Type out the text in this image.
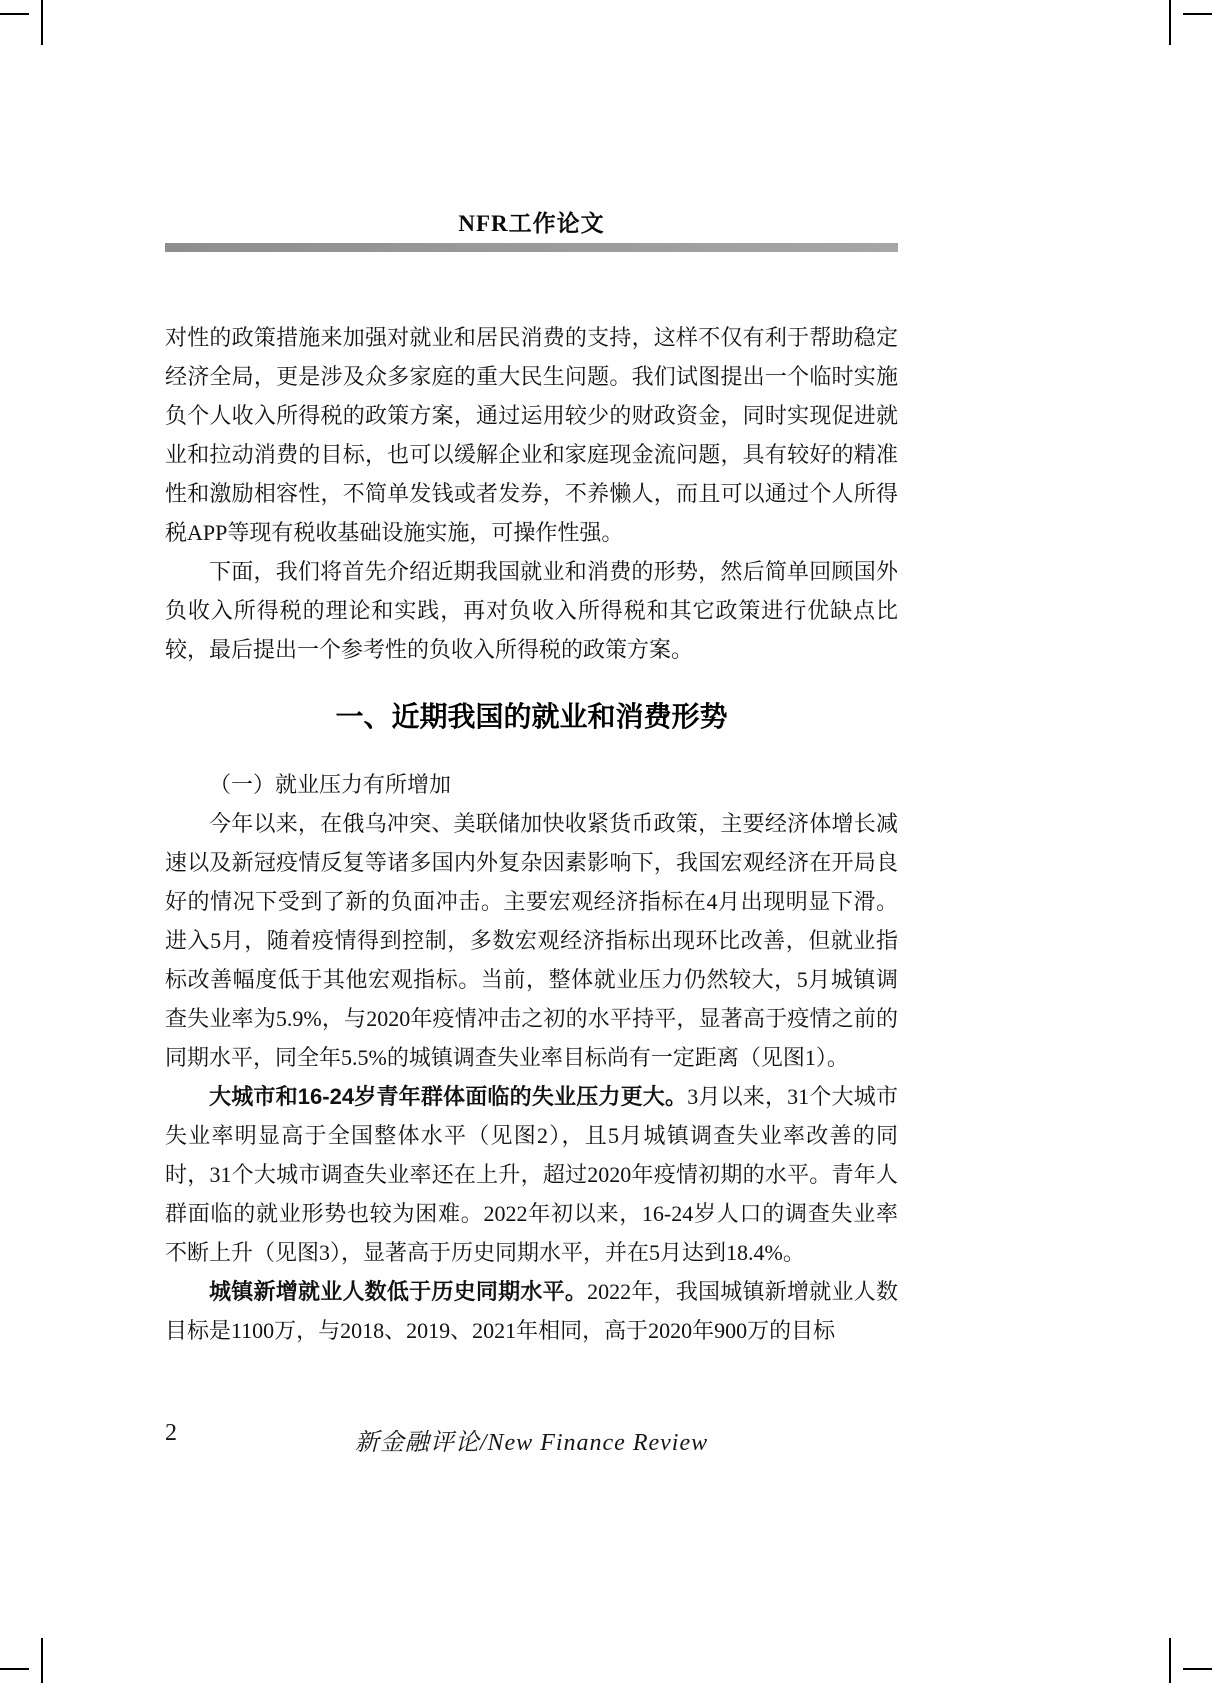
NFR工作论文

对性的政策措施来加强对就业和居民消费的支持，这样不仅有利于帮助稳定经济全局，更是涉及众多家庭的重大民生问题。我们试图提出一个临时实施负个人收入所得税的政策方案，通过运用较少的财政资金，同时实现促进就业和拉动消费的目标，也可以缓解企业和家庭现金流问题，具有较好的精准性和激励相容性，不简单发钱或者发券，不养懒人，而且可以通过个人所得税APP等现有税收基础设施实施，可操作性强。

下面，我们将首先介绍近期我国就业和消费的形势，然后简单回顾国外负收入所得税的理论和实践，再对负收入所得税和其它政策进行优缺点比较，最后提出一个参考性的负收入所得税的政策方案。

一、近期我国的就业和消费形势

（一）就业压力有所增加

今年以来，在俄乌冲突、美联储加快收紧货币政策，主要经济体增长减速以及新冠疫情反复等诸多国内外复杂因素影响下，我国宏观经济在开局良好的情况下受到了新的负面冲击。主要宏观经济指标在4月出现明显下滑。进入5月，随着疫情得到控制，多数宏观经济指标出现环比改善，但就业指标改善幅度低于其他宏观指标。当前，整体就业压力仍然较大，5月城镇调查失业率为5.9%，与2020年疫情冲击之初的水平持平，显著高于疫情之前的同期水平，同全年5.5%的城镇调查失业率目标尚有一定距离（见图1）。

大城市和16-24岁青年群体面临的失业压力更大。3月以来，31个大城市失业率明显高于全国整体水平（见图2），且5月城镇调查失业率改善的同时，31个大城市调查失业率还在上升，超过2020年疫情初期的水平。青年人群面临的就业形势也较为困难。2022年初以来，16-24岁人口的调查失业率不断上升（见图3），显著高于历史同期水平，并在5月达到18.4%。

城镇新增就业人数低于历史同期水平。2022年，我国城镇新增就业人数目标是1100万，与2018、2019、2021年相同，高于2020年900万的目标

2	新金融评论/New Finance Review
